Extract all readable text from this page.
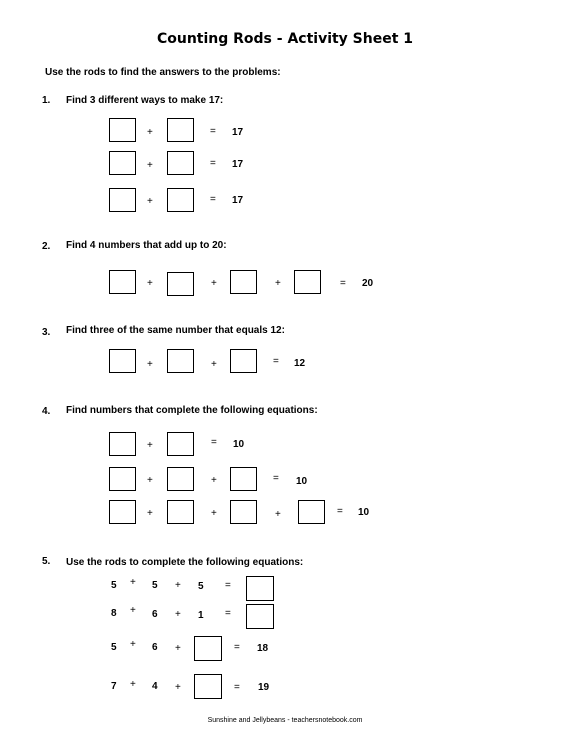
Counting Rods - Activity Sheet 1
Use the rods to find the answers to the problems:
1. Find 3 different ways to make 17:
+	= 17
+	= 17
+	= 17
2. Find 4 numbers that add up to 20:
+	+	+	= 20
3. Find three of the same number that equals 12:
+	+	= 12
4. Find numbers that complete the following equations:
+	= 10
+	+	= 10
+	+	+	= 10
5. Use the rods to complete the following equations:
5 + 5 + 5 =
8 + 6 + 1 =
5 + 6 +	= 18
7 + 4 +	= 19
Sunshine and Jellybeans - teachersnotebook.com
